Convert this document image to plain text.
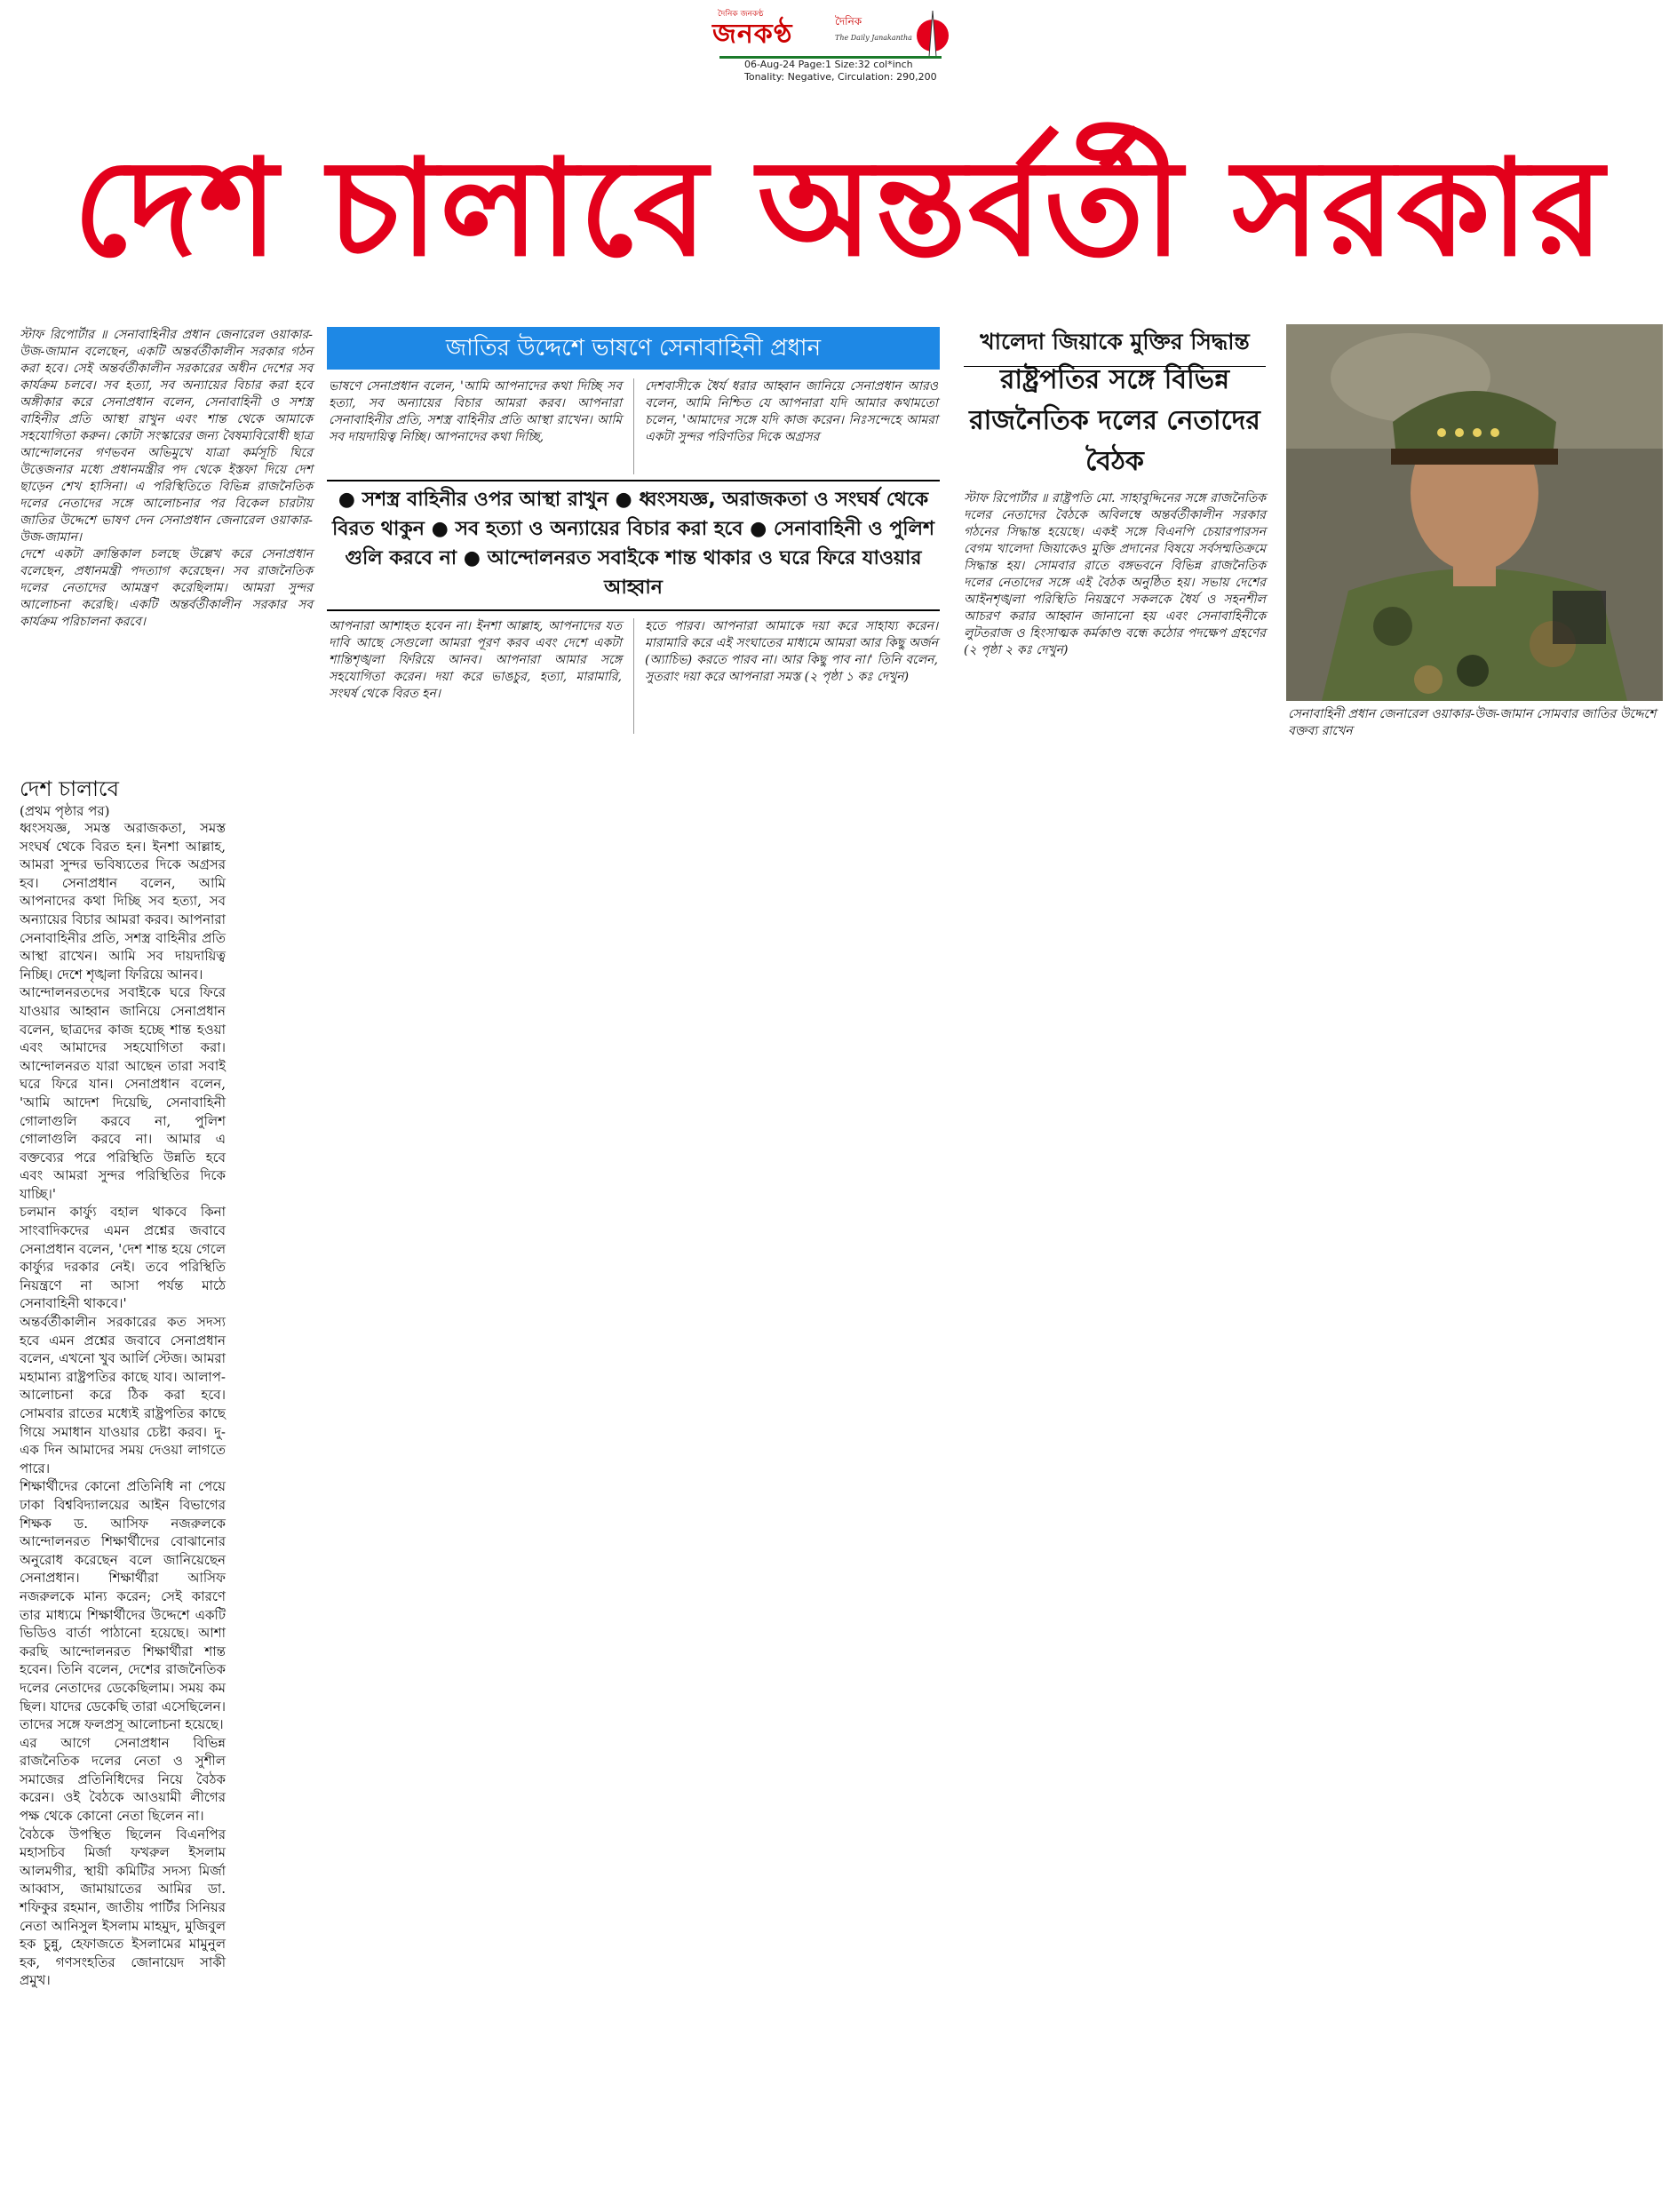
দৈনিক জনকণ্ঠ
জনকণ্ঠ	দৈনিক
The Daily Janakantha
06-Aug-24 Page:1 Size:32 col*inch
Tonality: Negative, Circulation: 290,200
দেশ চালাবে অন্তর্বর্তী সরকার
স্টাফ রিপোর্টার ॥ সেনাবাহিনীর প্রধান জেনারেল ওয়াকার-উজ-জামান বলেছেন, একটি অন্তর্বর্তীকালীন সরকার গঠন করা হবে। সেই অন্তর্বর্তীকালীন সরকারের অধীন দেশের সব কার্যক্রম চলবে। সব হত্যা, সব অন্যায়ের বিচার করা হবে অঙ্গীকার করে সেনাপ্রধান বলেন, সেনাবাহিনী ও সশস্ত্র বাহিনীর প্রতি আস্থা রাখুন এবং শান্ত থেকে আমাকে সহযোগিতা করুন। কোটা সংস্কারের জন্য বৈষম্যবিরোধী ছাত্র আন্দোলনের গণভবন অভিমুখে যাত্রা কর্মসূচি ঘিরে উত্তেজনার মধ্যে প্রধানমন্ত্রীর পদ থেকে ইস্তফা দিয়ে দেশ ছাড়েন শেখ হাসিনা। এ পরিস্থিতিতে বিভিন্ন রাজনৈতিক দলের নেতাদের সঙ্গে আলোচনার পর বিকেল চারটায় জাতির উদ্দেশে ভাষণ দেন সেনাপ্রধান জেনারেল ওয়াকার-উজ-জামান।
দেশে একটা ক্রান্তিকাল চলছে উল্লেখ করে সেনাপ্রধান বলেছেন, প্রধানমন্ত্রী পদত্যাগ করেছেন। সব রাজনৈতিক দলের নেতাদের আমন্ত্রণ করেছিলাম। আমরা সুন্দর আলোচনা করেছি। একটি অন্তর্বর্তীকালীন সরকার সব কার্যক্রম পরিচালনা করবে।
জাতির উদ্দেশে ভাষণে সেনাবাহিনী প্রধান
ভাষণে সেনাপ্রধান বলেন, 'আমি আপনাদের কথা দিচ্ছি সব হত্যা, সব অন্যায়ের বিচার আমরা করব। আপনারা সেনাবাহিনীর প্রতি, সশস্ত্র বাহিনীর প্রতি আস্থা রাখেন। আমি সব দায়দায়িত্ব নিচ্ছি। আপনাদের কথা দিচ্ছি,
দেশবাসীকে ধৈর্য ধরার আহ্বান জানিয়ে সেনাপ্রধান আরও বলেন, আমি নিশ্চিত যে আপনারা যদি আমার কথামতো চলেন, 'আমাদের সঙ্গে যদি কাজ করেন। নিঃসন্দেহে আমরা একটা সুন্দর পরিণতির দিকে অগ্রসর
● সশস্ত্র বাহিনীর ওপর আস্থা রাখুন ● ধ্বংসযজ্ঞ, অরাজকতা ও সংঘর্ষ থেকে বিরত থাকুন ● সব হত্যা ও অন্যায়ের বিচার করা হবে ● সেনাবাহিনী ও পুলিশ গুলি করবে না ● আন্দোলনরত সবাইকে শান্ত থাকার ও ঘরে ফিরে যাওয়ার আহ্বান
আপনারা আশাহত হবেন না। ইনশা আল্লাহ, আপনাদের যত দাবি আছে সেগুলো আমরা পূরণ করব এবং দেশে একটা শান্তিশৃঙ্খলা ফিরিয়ে আনব। আপনারা আমার সঙ্গে সহযোগিতা করেন। দয়া করে ভাঙচুর, হত্যা, মারামারি, সংঘর্ষ থেকে বিরত হন।
হতে পারব। আপনারা আমাকে দয়া করে সাহায্য করেন। মারামারি করে এই সংঘাতের মাধ্যমে আমরা আর কিছু অর্জন (অ্যাচিভ) করতে পারব না। আর কিছু পাব না।' তিনি বলেন, সুতরাং দয়া করে আপনারা সমস্ত (২ পৃষ্ঠা ১ কঃ দেখুন)
খালেদা জিয়াকে মুক্তির সিদ্ধান্ত
রাষ্ট্রপতির সঙ্গে বিভিন্ন রাজনৈতিক দলের নেতাদের বৈঠক
স্টাফ রিপোর্টার ॥ রাষ্ট্রপতি মো. সাহাবুদ্দিনের সঙ্গে রাজনৈতিক দলের নেতাদের বৈঠকে অবিলম্বে অন্তর্বর্তীকালীন সরকার গঠনের সিদ্ধান্ত হয়েছে। একই সঙ্গে বিএনপি চেয়ারপারসন বেগম খালেদা জিয়াকেও মুক্তি প্রদানের বিষয়ে সর্বসম্মতিক্রমে সিদ্ধান্ত হয়। সোমবার রাতে বঙ্গভবনে বিভিন্ন রাজনৈতিক দলের নেতাদের সঙ্গে এই বৈঠক অনুষ্ঠিত হয়। সভায় দেশের আইনশৃঙ্খলা পরিস্থিতি নিয়ন্ত্রণে সকলকে ধৈর্য ও সহনশীল আচরণ করার আহ্বান জানানো হয় এবং সেনাবাহিনীকে লুটতরাজ ও হিংসাত্মক কর্মকাণ্ড বন্ধে কঠোর পদক্ষেপ গ্রহণের (২ পৃষ্ঠা ২ কঃ দেখুন)
সেনাবাহিনী প্রধান জেনারেল ওয়াকার-উজ-জামান সোমবার জাতির উদ্দেশে বক্তব্য রাখেন
দেশ চালাবে
(প্রথম পৃষ্ঠার পর)

ধ্বংসযজ্ঞ, সমস্ত অরাজকতা, সমস্ত সংঘর্ষ থেকে বিরত হন। ইনশা আল্লাহ, আমরা সুন্দর ভবিষ্যতের দিকে অগ্রসর হব। সেনাপ্রধান বলেন, আমি আপনাদের কথা দিচ্ছি সব হত্যা, সব অন্যায়ের বিচার আমরা করব। আপনারা সেনাবাহিনীর প্রতি, সশস্ত্র বাহিনীর প্রতি আস্থা রাখেন। আমি সব দায়দায়িত্ব নিচ্ছি। দেশে শৃঙ্খলা ফিরিয়ে আনব।

আন্দোলনরতদের সবাইকে ঘরে ফিরে যাওয়ার আহ্বান জানিয়ে সেনাপ্রধান বলেন, ছাত্রদের কাজ হচ্ছে শান্ত হওয়া এবং আমাদের সহযোগিতা করা। আন্দোলনরত যারা আছেন তারা সবাই ঘরে ফিরে যান। সেনাপ্রধান বলেন, 'আমি আদেশ দিয়েছি, সেনাবাহিনী গোলাগুলি করবে না, পুলিশ গোলাগুলি করবে না। আমার এ বক্তব্যের পরে পরিস্থিতি উন্নতি হবে এবং আমরা সুন্দর পরিস্থিতির দিকে যাচ্ছি।'

চলমান কার্ফ্যু বহাল থাকবে কিনা সাংবাদিকদের এমন প্রশ্নের জবাবে সেনাপ্রধান বলেন, 'দেশ শান্ত হয়ে গেলে কার্ফ্যুর দরকার নেই। তবে পরিস্থিতি নিয়ন্ত্রণে না আসা পর্যন্ত মাঠে সেনাবাহিনী থাকবে।'

অন্তর্বর্তীকালীন সরকারের কত সদস্য হবে এমন প্রশ্নের জবাবে সেনাপ্রধান বলেন, এখনো খুব আর্লি স্টেজ। আমরা মহামান্য রাষ্ট্রপতির কাছে যাব। আলাপ-আলোচনা করে ঠিক করা হবে। সোমবার রাতের মধ্যেই রাষ্ট্রপতির কাছে গিয়ে সমাধান যাওয়ার চেষ্টা করব। দু-এক দিন আমাদের সময় দেওয়া লাগতে পারে।

শিক্ষার্থীদের কোনো প্রতিনিধি না পেয়ে ঢাকা বিশ্ববিদ্যালয়ের আইন বিভাগের শিক্ষক ড. আসিফ নজরুলকে আন্দোলনরত শিক্ষার্থীদের বোঝানোর অনুরোধ করেছেন বলে জানিয়েছেন সেনাপ্রধান। শিক্ষার্থীরা আসিফ নজরুলকে মান্য করেন; সেই কারণে তার মাধ্যমে শিক্ষার্থীদের উদ্দেশে একটি ভিডিও বার্তা পাঠানো হয়েছে। আশা করছি আন্দোলনরত শিক্ষার্থীরা শান্ত হবেন। তিনি বলেন, দেশের রাজনৈতিক দলের নেতাদের ডেকেছিলাম। সময় কম ছিল। যাদের ডেকেছি তারা এসেছিলেন। তাদের সঙ্গে ফলপ্রসূ আলোচনা হয়েছে।

এর আগে সেনাপ্রধান বিভিন্ন রাজনৈতিক দলের নেতা ও সুশীল সমাজের প্রতিনিধিদের নিয়ে বৈঠক করেন। ওই বৈঠকে আওয়ামী লীগের পক্ষ থেকে কোনো নেতা ছিলেন না।

বৈঠকে উপস্থিত ছিলেন বিএনপির মহাসচিব মির্জা ফখরুল ইসলাম আলমগীর, স্থায়ী কমিটির সদস্য মির্জা আব্বাস, জামায়াতের আমির ডা. শফিকুর রহমান, জাতীয় পার্টির সিনিয়র নেতা আনিসুল ইসলাম মাহমুদ, মুজিবুল হক চুন্নু, হেফাজতে ইসলামের মামুনুল হক, গণসংহতির জোনায়েদ সাকী প্রমুখ।
